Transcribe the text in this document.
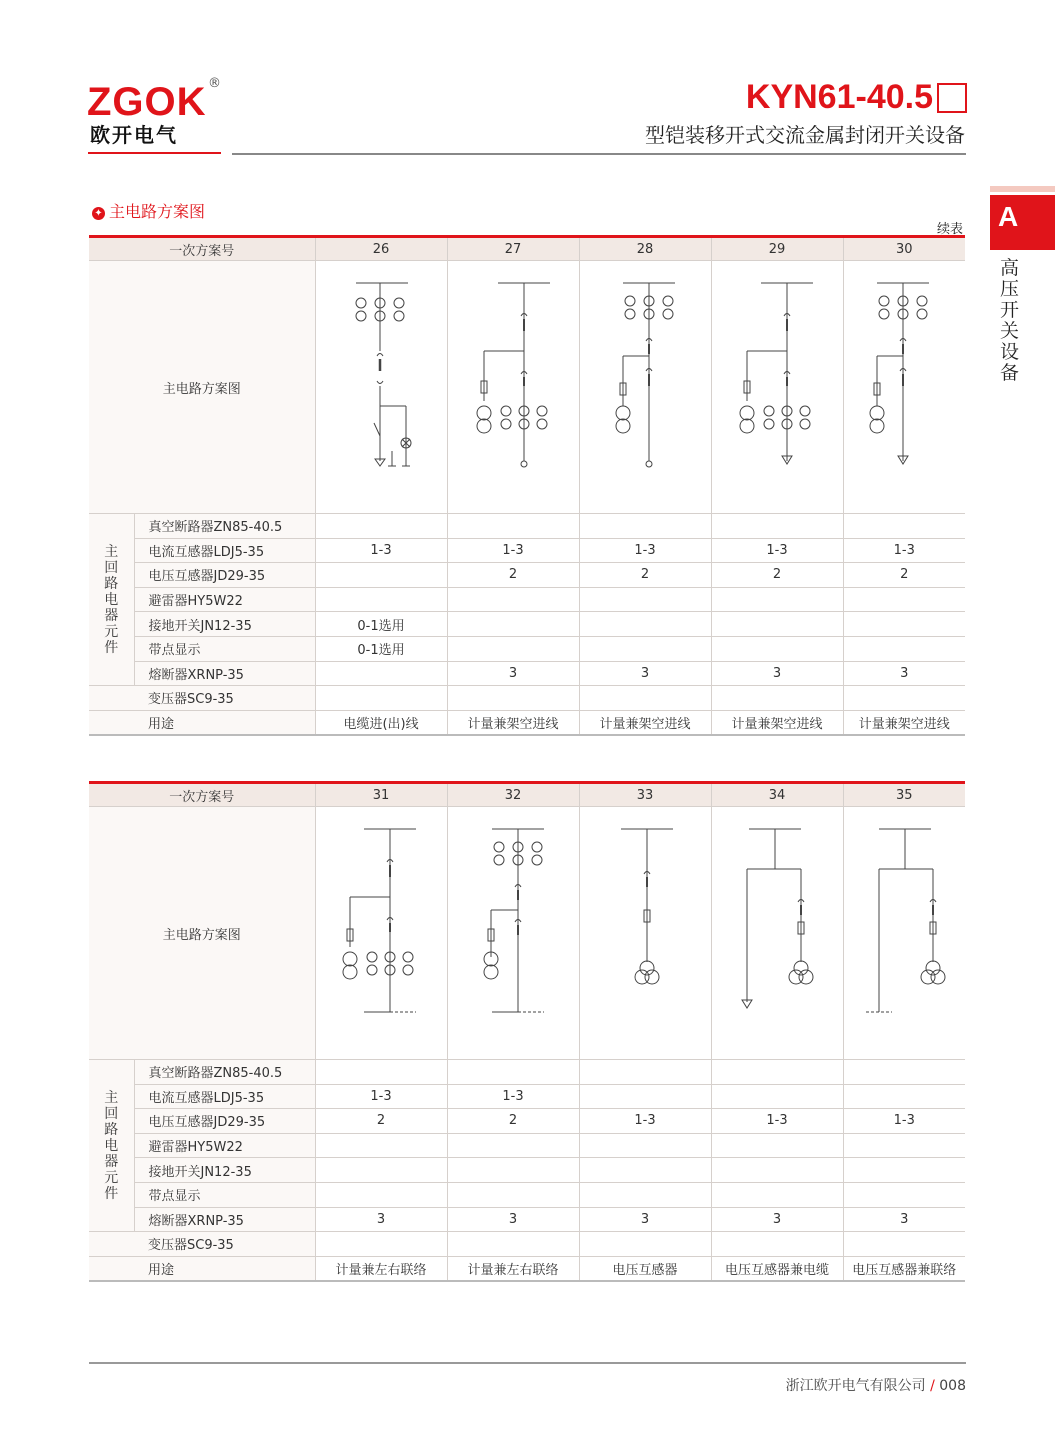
ZGOK ®
欧开电气
KYN61-40.5
型铠装移开式交流金属封闭开关设备
A
高压开关设备
✦ 主电路方案图
续表
一次方案号		26	27	28	29	30
主电路方案图	

主回路电器元件	真空断路器ZN85-40.5					
	电流互感器LDJ5-35	1-3	1-3	1-3	1-3	1-3
	电压互感器JD29-35		2	2	2	2
	避雷器HY5W22					
	接地开关JN12-35	0-1选用				
	带点显示	0-1选用				
	熔断器XRNP-35		3	3	3	3
	变压器SC9-35					
	用途	电缆进(出)线	计量兼架空进线	计量兼架空进线	计量兼架空进线	计量兼架空进线
一次方案号		31	32	33	34	35
主电路方案图	

主回路电器元件	真空断路器ZN85-40.5					
	电流互感器LDJ5-35	1-3	1-3			
	电压互感器JD29-35	2	2	1-3	1-3	1-3
	避雷器HY5W22					
	接地开关JN12-35					
	带点显示					
	熔断器XRNP-35	3	3	3	3	3
	变压器SC9-35					
	用途	计量兼左右联络	计量兼左右联络	电压互感器	电压互感器兼电缆	电压互感器兼联络
浙江欧开电气有限公司 / 008
